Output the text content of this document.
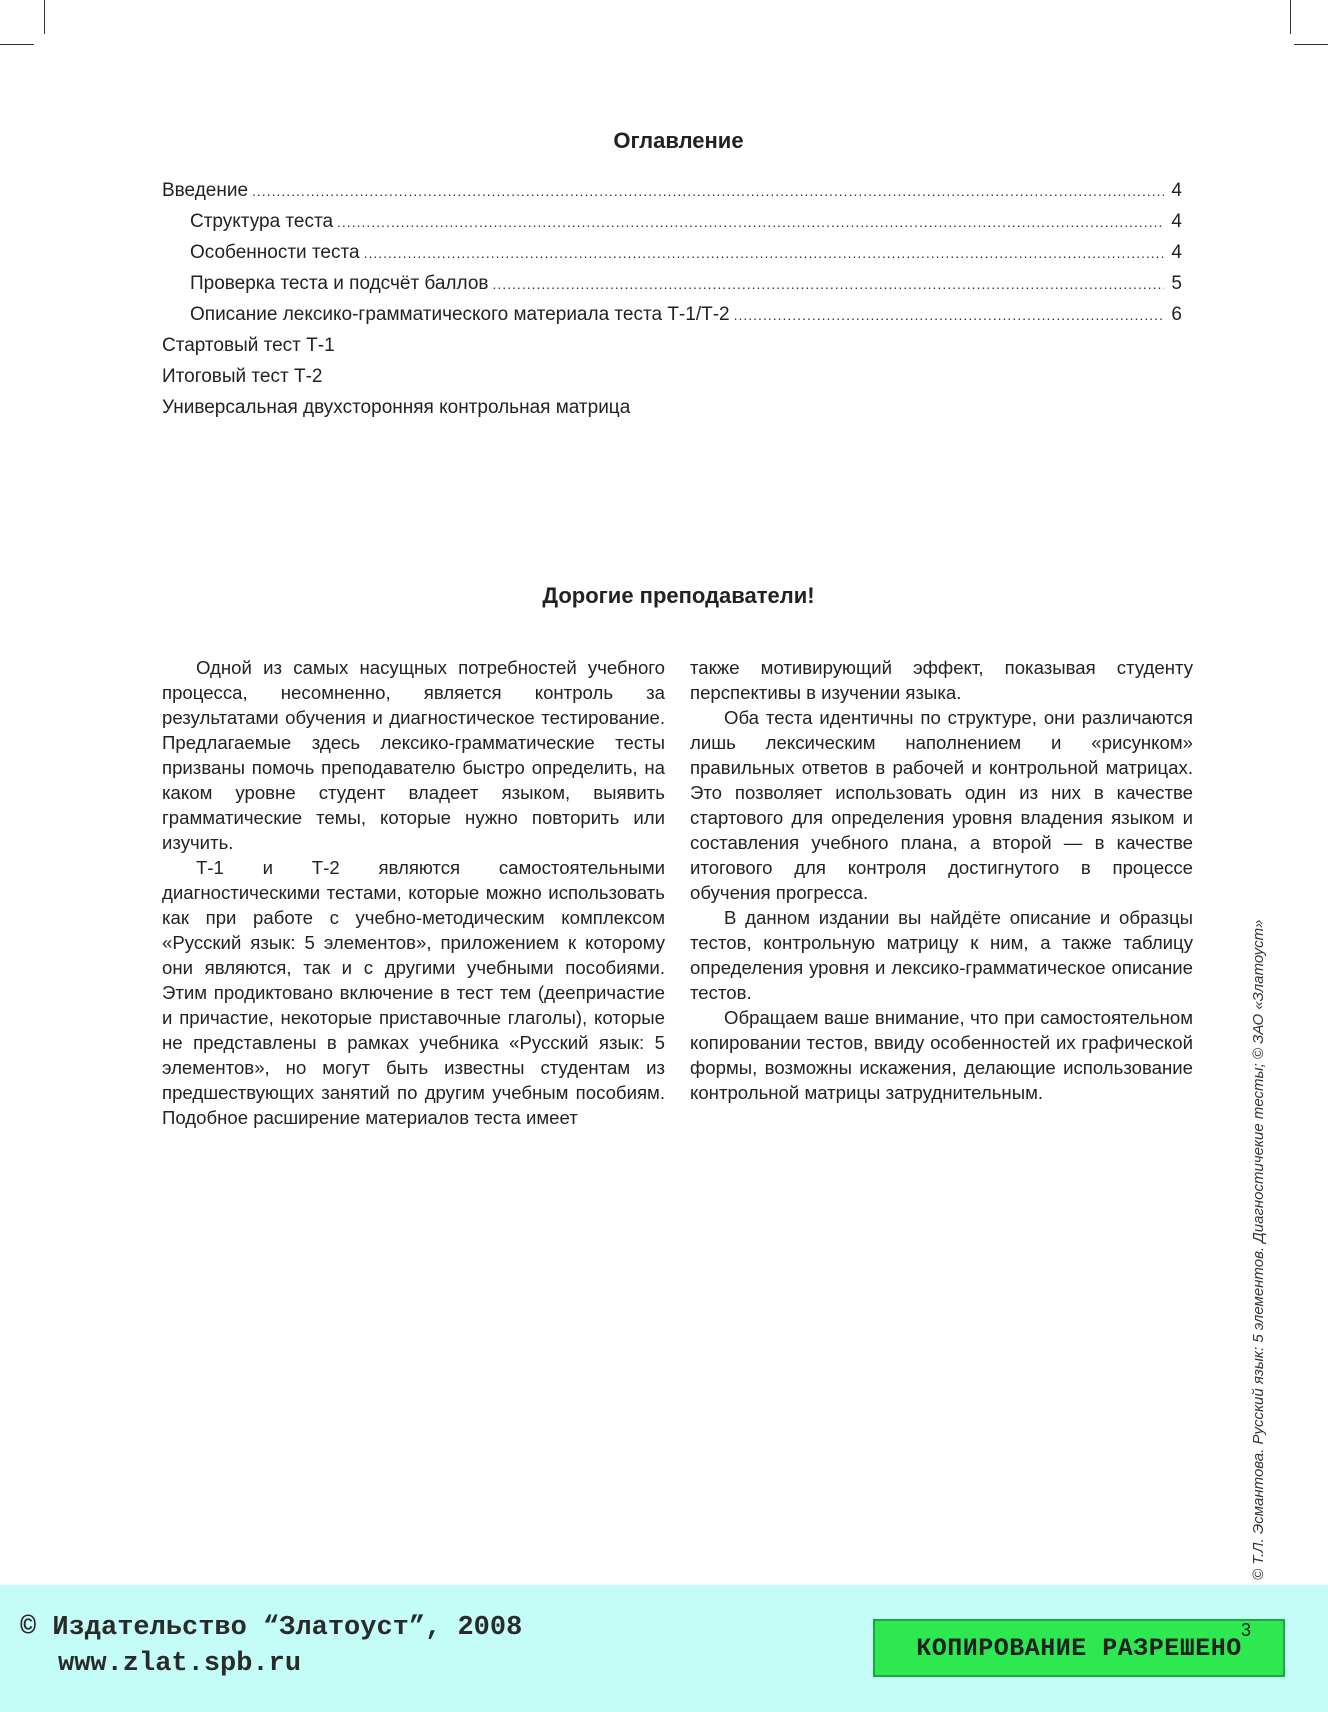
Оглавление
Введение .....	4
Структура теста .....	4
Особенности теста .....	4
Проверка теста и подсчёт баллов .....	5
Описание лексико-грамматического материала теста Т-1/Т-2 .....	6
Стартовый тест Т-1
Итоговый тест Т-2
Универсальная двухсторонняя контрольная матрица
Дорогие преподаватели!

Одной из самых насущных потребностей учебного процесса, несомненно, является контроль за результатами обучения и диагностическое тестирование. Предлагаемые здесь лексико-грамматические тесты призваны помочь преподавателю быстро определить, на каком уровне студент владеет языком, выявить грамматические темы, которые нужно повторить или изучить.

Т-1 и Т-2 являются самостоятельными диагностическими тестами, которые можно использовать как при работе с учебно-методическим комплексом «Русский язык: 5 элементов», приложением к которому они являются, так и с другими учебными пособиями. Этим продиктовано включение в тест тем (деепричастие и причастие, некоторые приставочные глаголы), которые не представлены в рамках учебника «Русский язык: 5 элементов», но могут быть известны студентам из предшествующих занятий по другим учебным пособиям. Подобное расширение материалов теста имеет

также мотивирующий эффект, показывая студенту перспективы в изучении языка.

Оба теста идентичны по структуре, они различаются лишь лексическим наполнением и «рисунком» правильных ответов в рабочей и контрольной матрицах. Это позволяет использовать один из них в качестве стартового для определения уровня владения языком и составления учебного плана, а второй — в качестве итогового для контроля достигнутого в процессе обучения прогресса.

В данном издании вы найдёте описание и образцы тестов, контрольную матрицу к ним, а также таблицу определения уровня и лексико-грамматическое описание тестов.

Обращаем ваше внимание, что при самостоятельном копировании тестов, ввиду особенностей их графической формы, возможны искажения, делающие использование контрольной матрицы затруднительным.	© Т.Л. Эсмантова. Русский язык: 5 элементов. Диагностичекие тесты; © ЗАО «Златоуст»
© Издательство “Златоуст”, 2008
www.zlat.spb.ru
КОПИРОВАНИЕ РАЗРЕШЕНО
3
